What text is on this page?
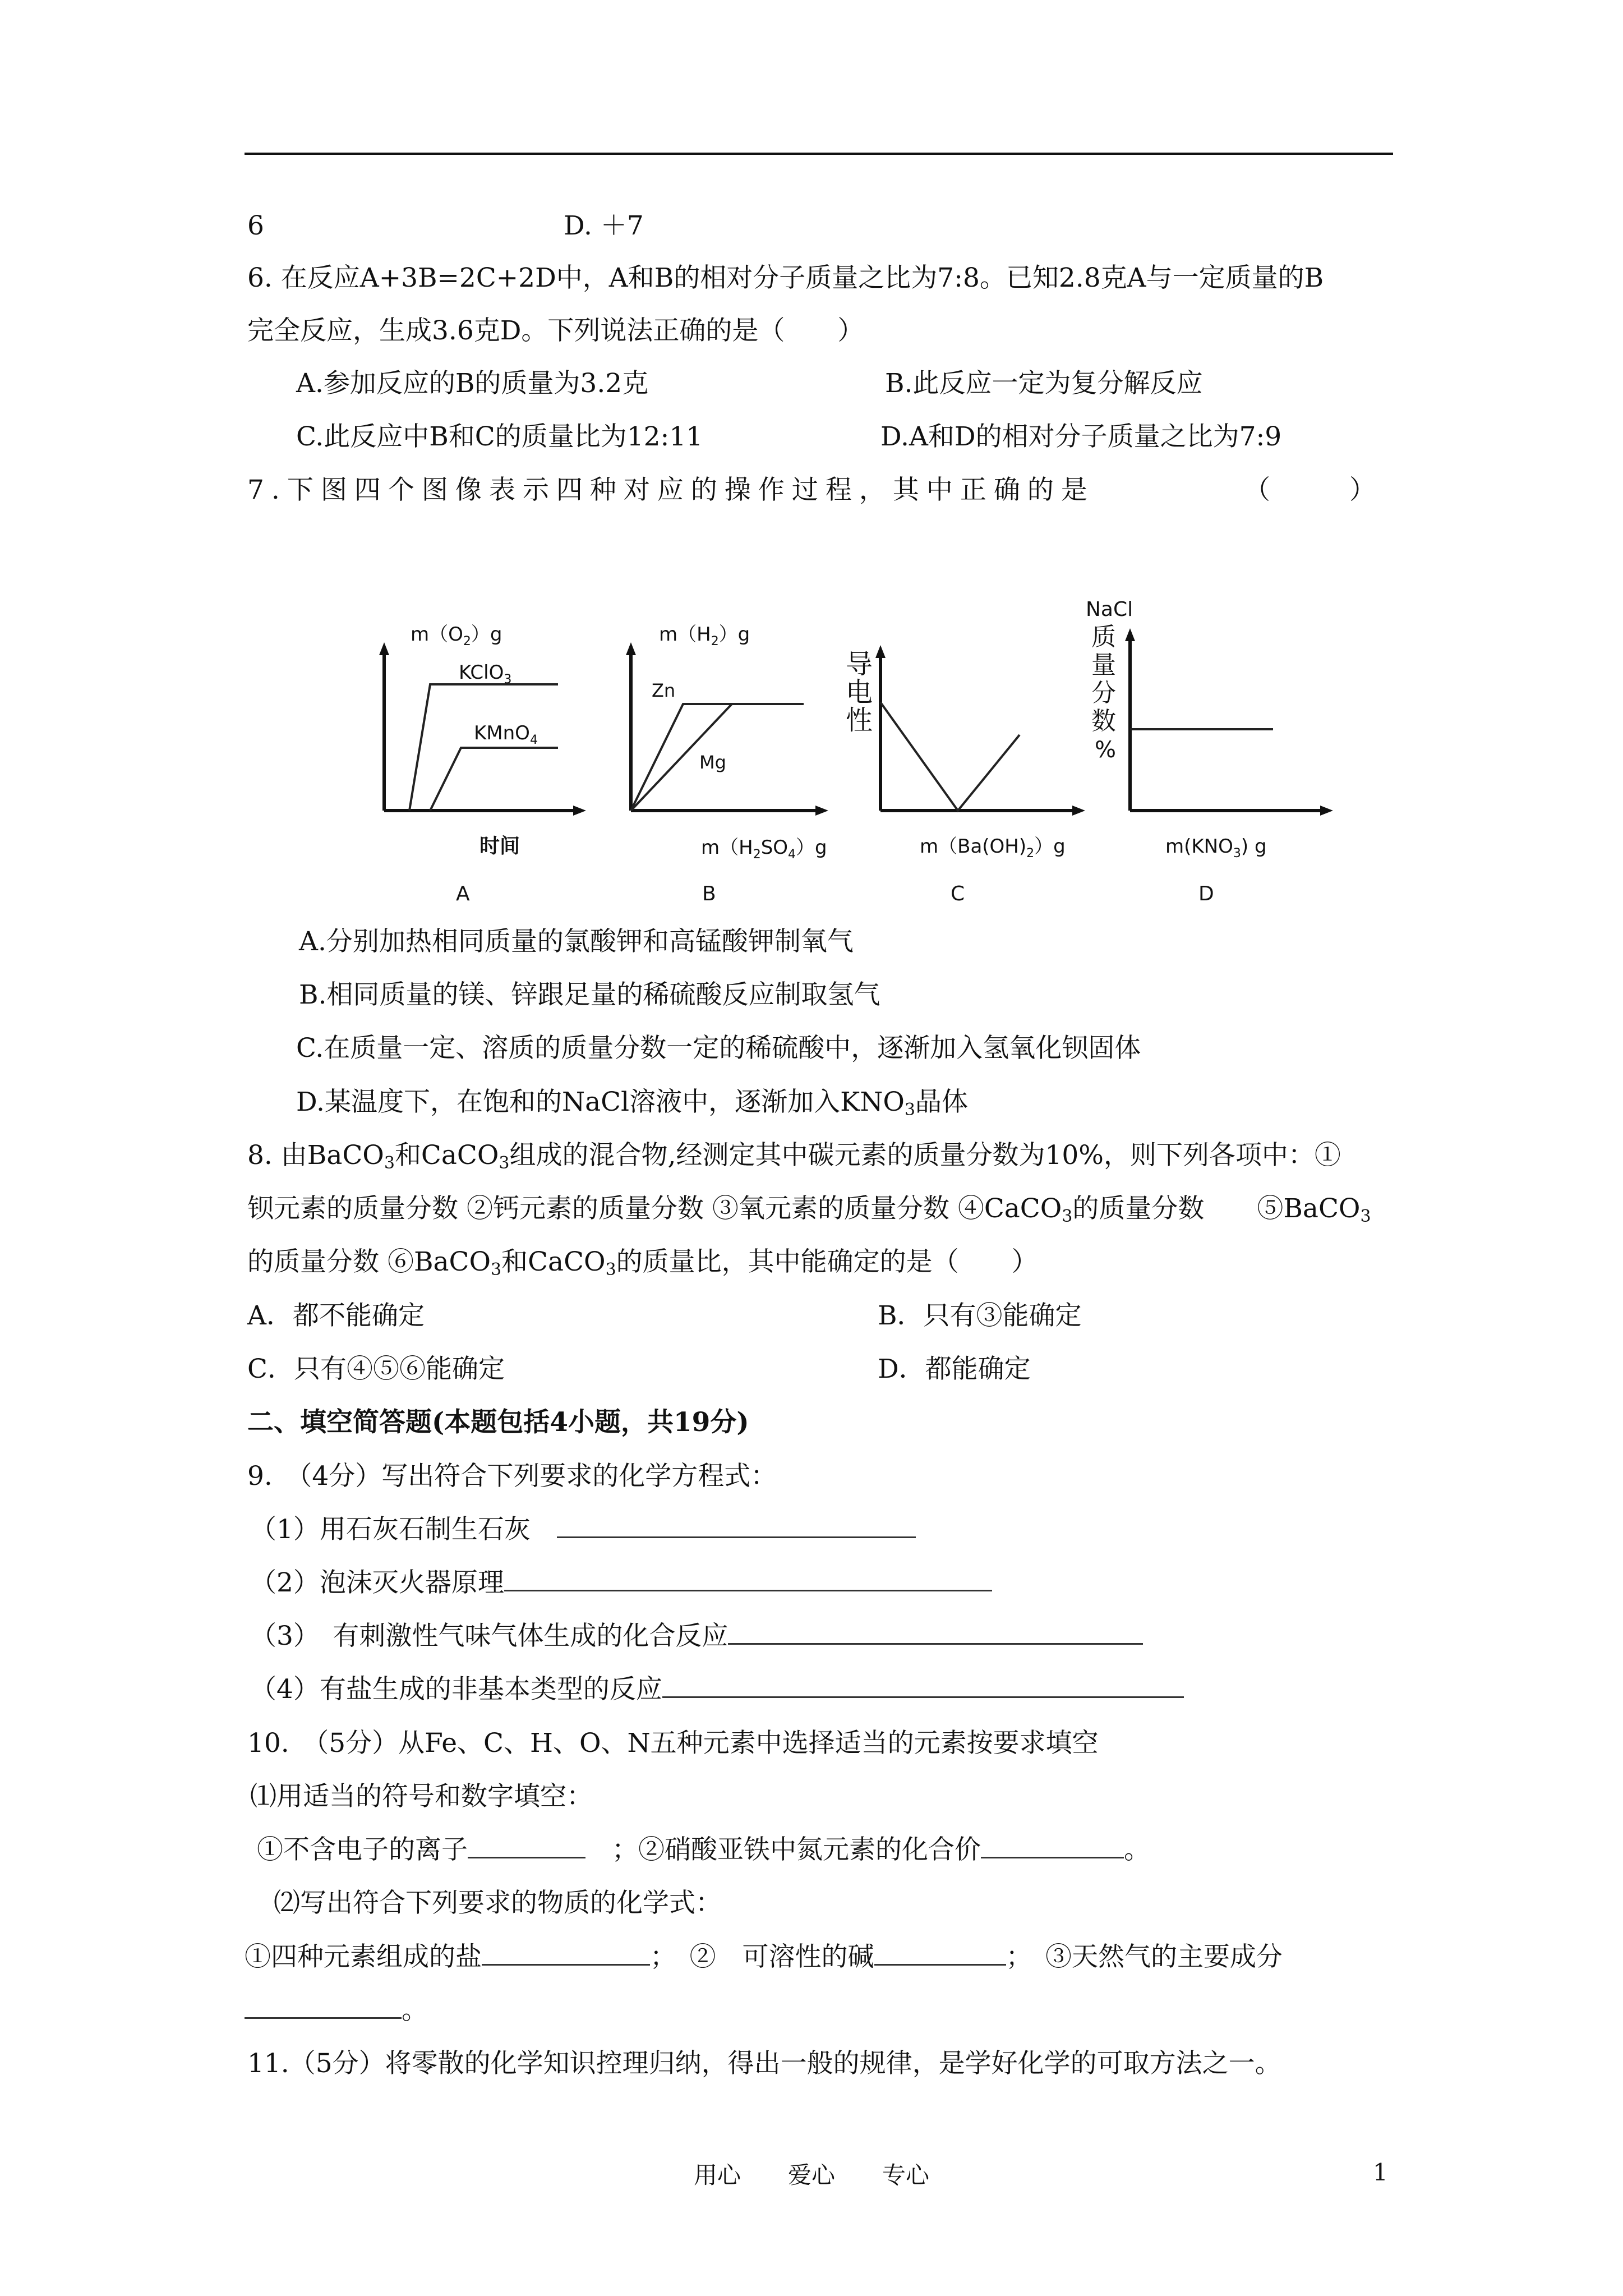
6	D. ＋7
6. 在反应A+3B=2C+2D中，A和B的相对分子质量之比为7:8。已知2.8克A与一定质量的B
完全反应，生成3.6克D。下列说法正确的是（　　）
A.参加反应的B的质量为3.2克	B.此反应一定为复分解反应
C.此反应中B和C的质量比为12:11	D.A和D的相对分子质量之比为7:9
7.下图四个图像表示四种对应的操作过程，其中正确的是	（　　　）
$m(O_2)g$
KClO$_3$
KMnO$_4$
时间
A
$m(H_2)g$
Zn
Mg
$m(H_2SO_4)g$
B
导
电
性
$m(Ba(OH)_2)g$
C
NaCl
质
量
分
数
%
$m(KNO_3)$ g
D
A.分别加热相同质量的氯酸钾和高锰酸钾制氧气
B.相同质量的镁、锌跟足量的稀硫酸反应制取氢气
C.在质量一定、溶质的质量分数一定的稀硫酸中，逐渐加入氢氧化钡固体
D.某温度下，在饱和的NaCl溶液中，逐渐加入$KNO_3$晶体
8. 由BaCO$_3$和CaCO$_3$组成的混合物,经测定其中碳元素的质量分数为10%，则下列各项中：①
钡元素的质量分数 ②钙元素的质量分数 ③氧元素的质量分数 ④CaCO$_3$的质量分数　　⑤BaCO$_3$
的质量分数 ⑥BaCO$_3$和CaCO$_3$的质量比，其中能确定的是（　　）
A．都不能确定	B．只有③能确定
C．只有④⑤⑥能确定	D．都能确定
二、填空简答题(本题包括4小题，共19分)
9.　（4分）写出符合下列要求的化学方程式：
（1）用石灰石制生石灰　
（2）泡沫灭火器原理
（3）　有刺激性气味气体生成的化合反应
（4）有盐生成的非基本类型的反应
10.　（5分）从Fe、C、H、O、N五种元素中选择适当的元素按要求填空
⑴用适当的符号和数字填空：
①不含电子的离子　	；②硝酸亚铁中氮元素的化合价	。
⑵写出符合下列要求的物质的化学式：
①四种元素组成的盐	；　②　可溶性的碱	；　③天然气的主要成分
。
11.（5分）将零散的化学知识控理归纳，得出一般的规律，是学好化学的可取方法之一。
用心　　爱心　　专心	1
